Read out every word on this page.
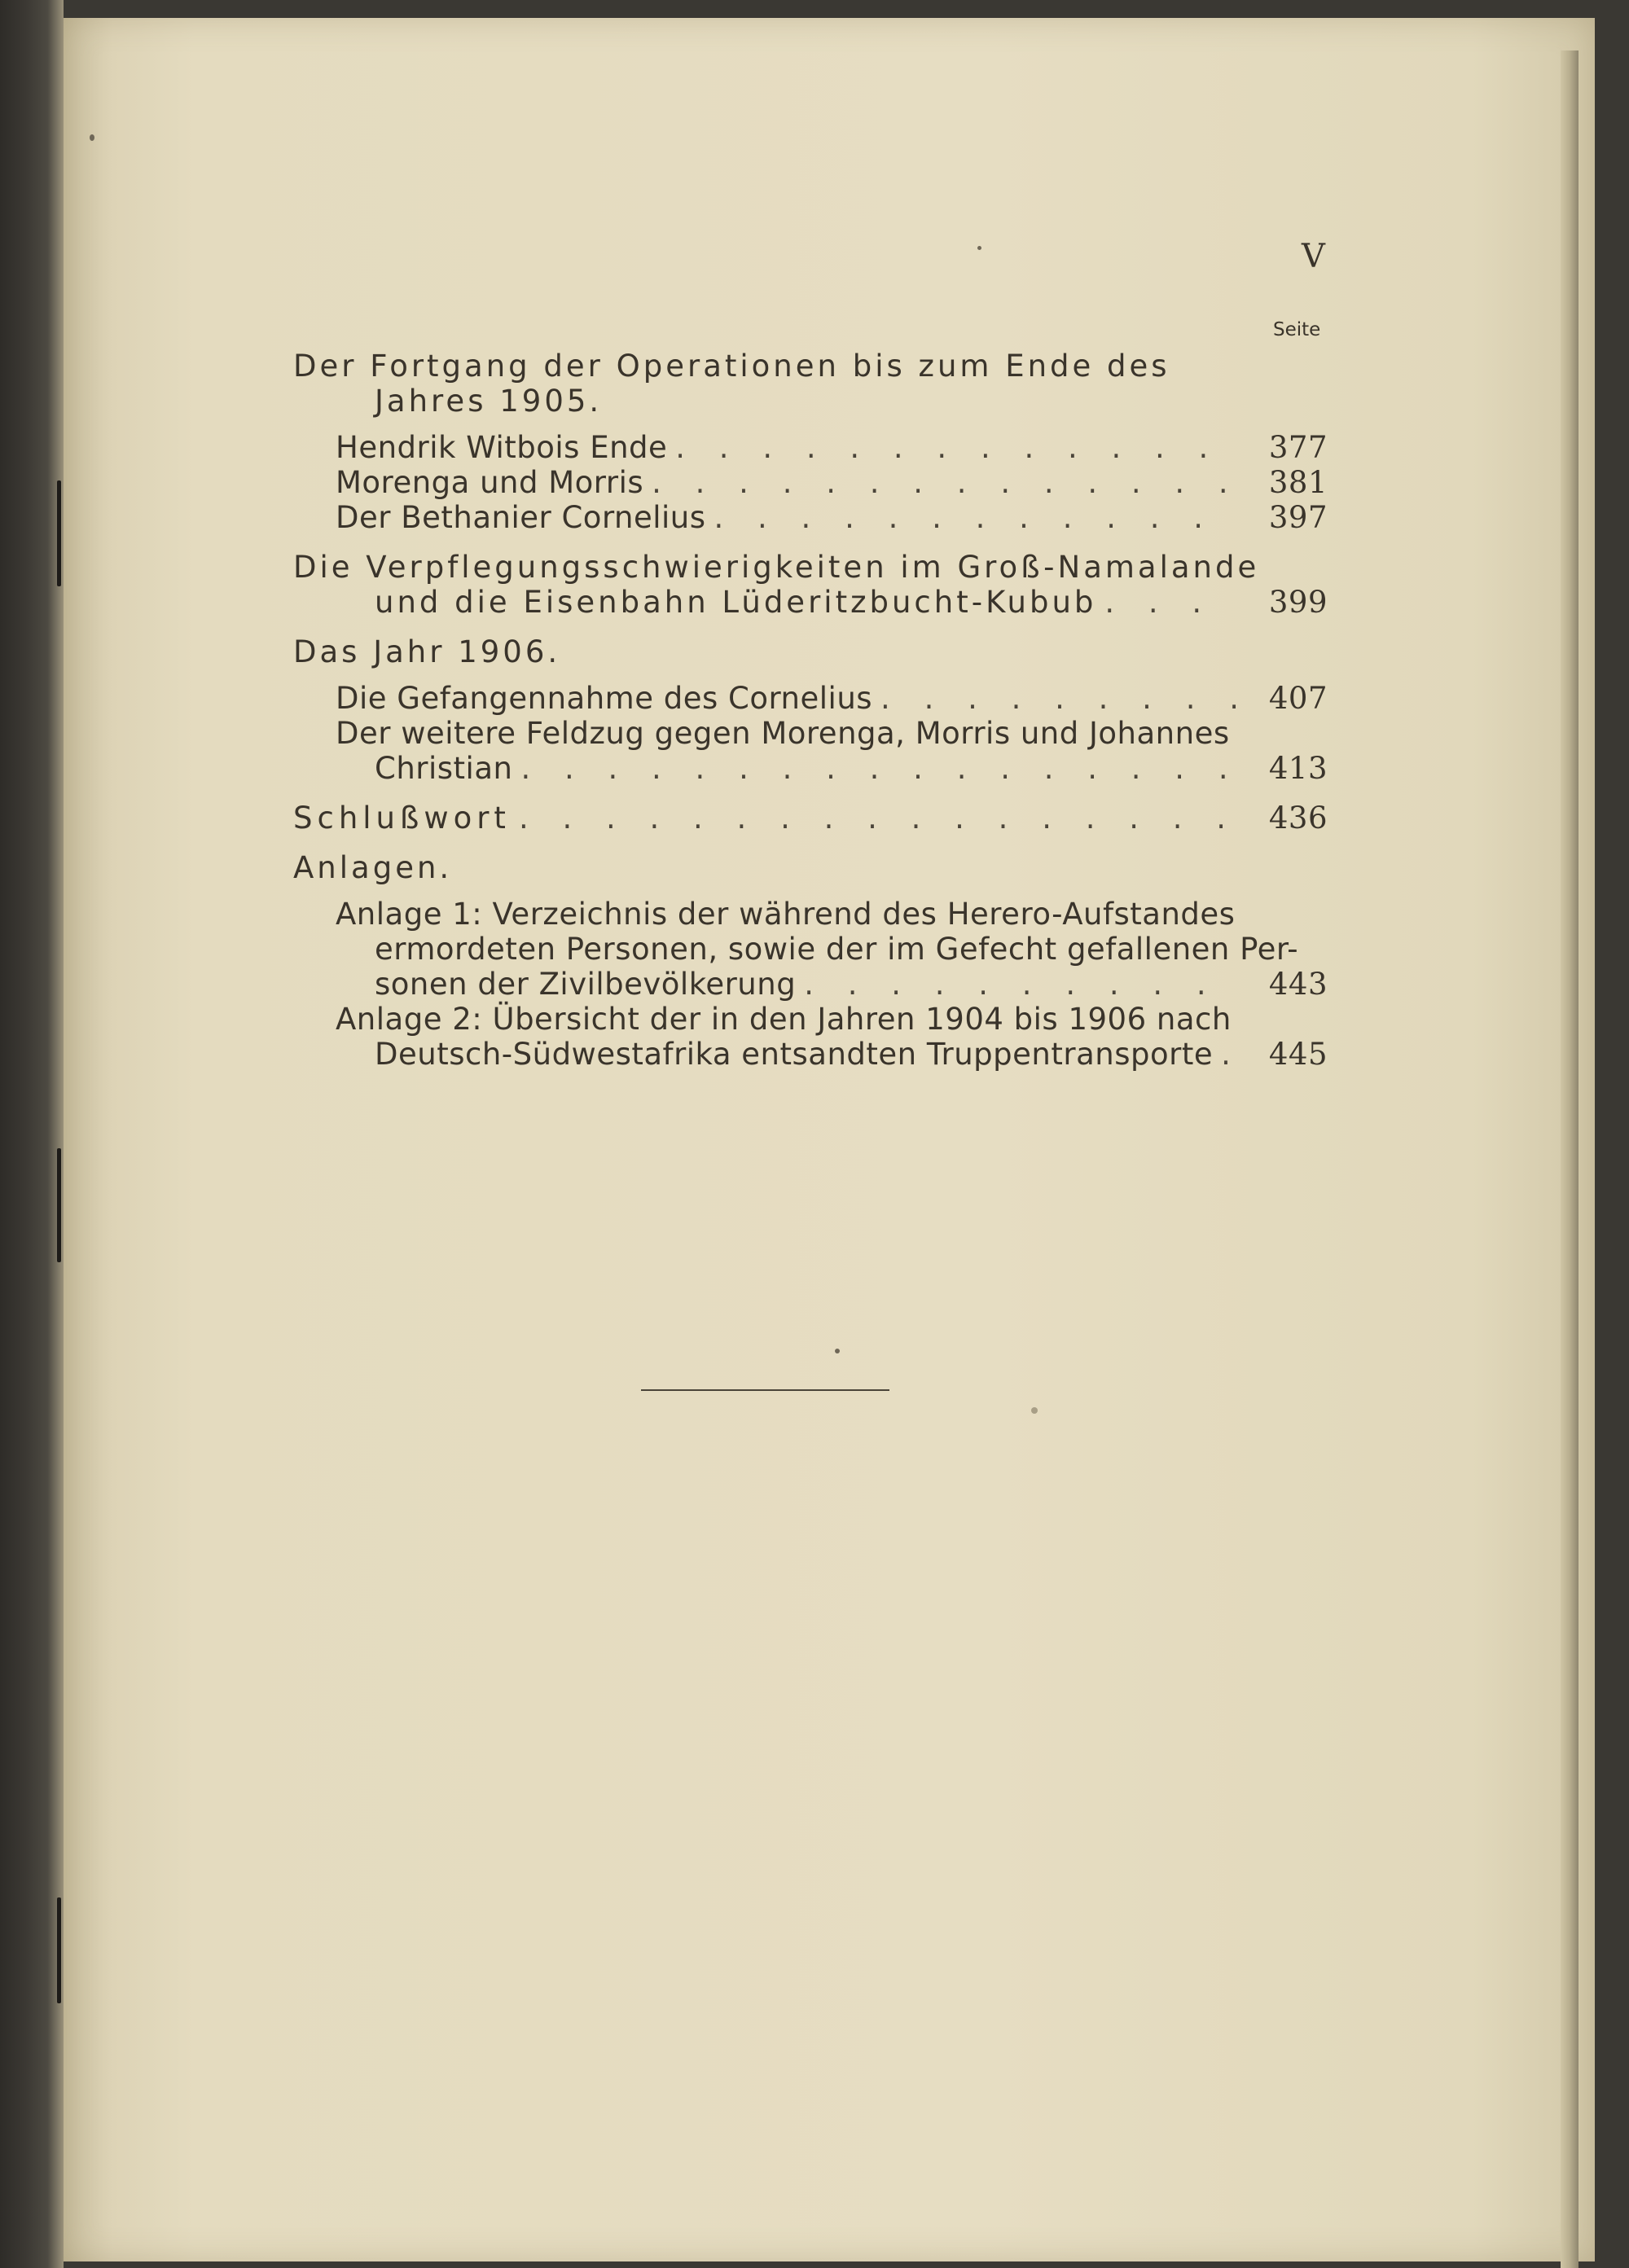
V
Seite
Der Fortgang der Operationen bis zum Ende des
Jahres 1905.
Hendrik Witbois Ende . . .	377
Morenga und Morris . . .	381
Der Bethanier Cornelius . . .	397
Die Verpflegungsschwierigkeiten im Groß-Namalande
und die Eisenbahn Lüderitzbucht-Kubub . . .	399
Das Jahr 1906.
Die Gefangennahme des Cornelius . . .	407
Der weitere Feldzug gegen Morenga, Morris und Johannes
Christian . . .	413
Schlußwort . . .	436
Anlagen.
Anlage 1: Verzeichnis der während des Herero-Aufstandes
ermordeten Personen, sowie der im Gefecht gefallenen Per-
sonen der Zivilbevölkerung . . .	443
Anlage 2: Übersicht der in den Jahren 1904 bis 1906 nach
Deutsch-Südwestafrika entsandten Truppentransporte . . .	445
